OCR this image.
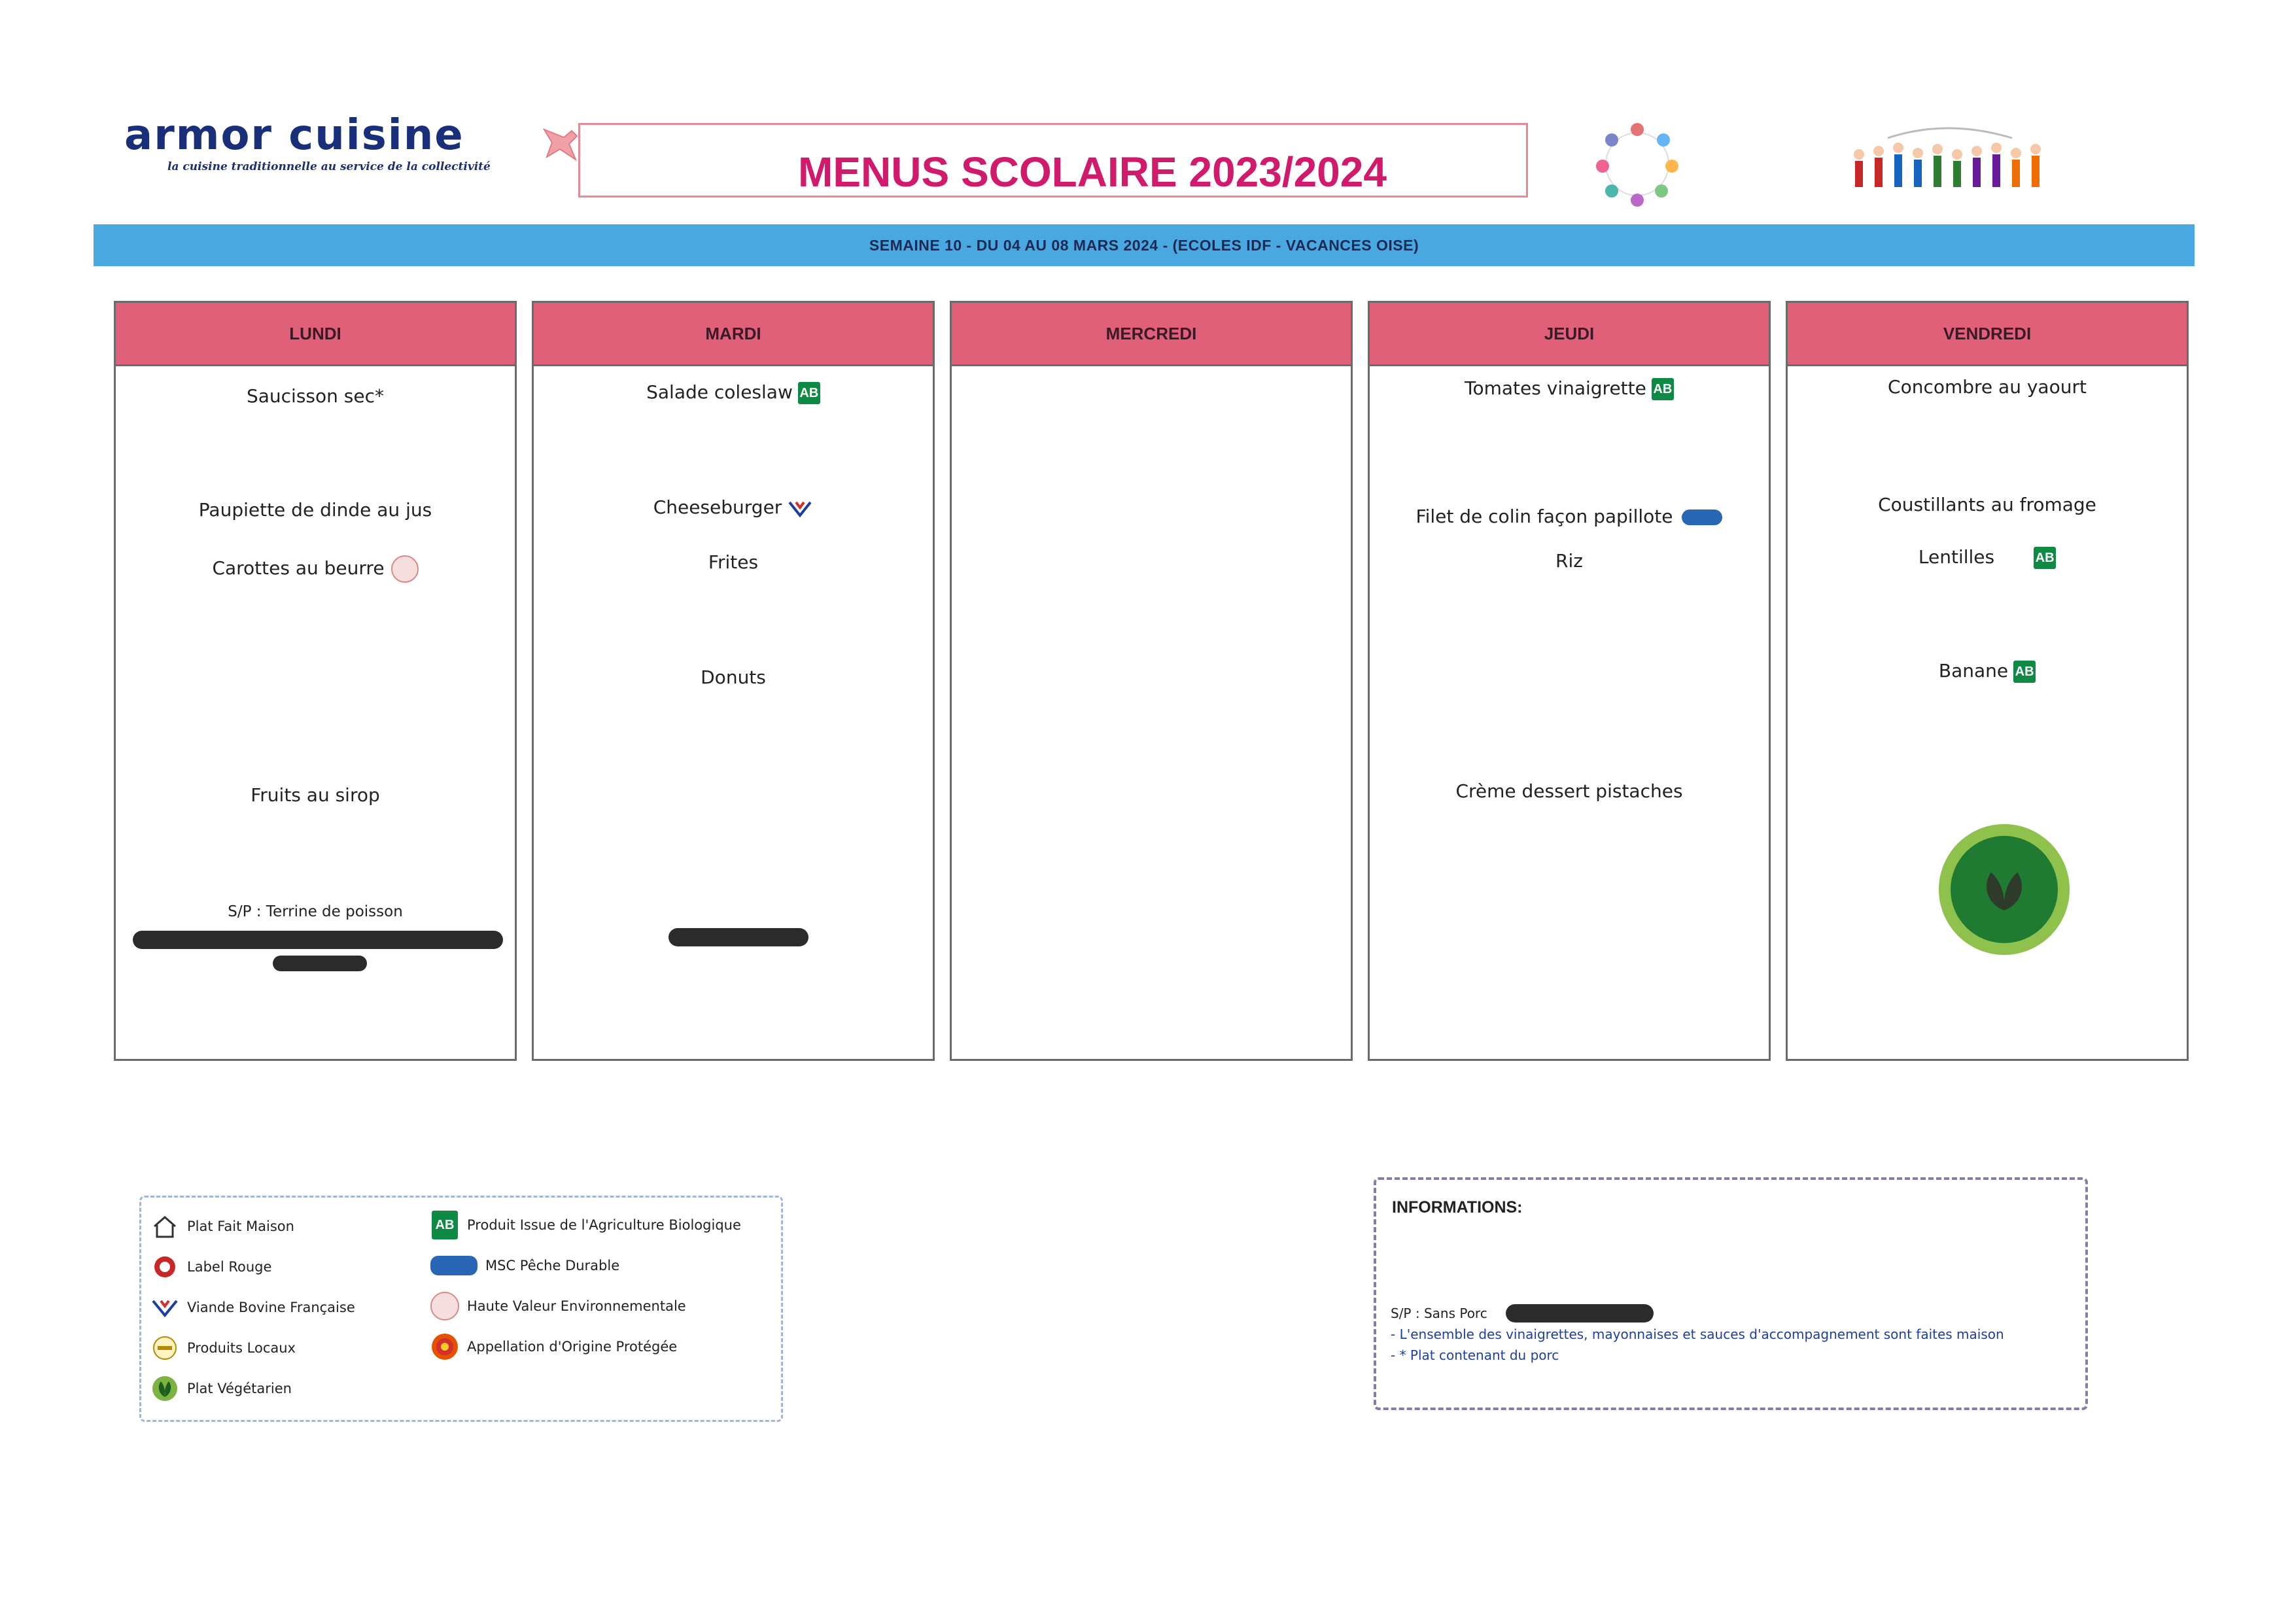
armor cuisine
la cuisine traditionnelle au service de la collectivité	MENUS SCOLAIRE 2023/2024
SEMAINE 10 - DU 04 AU 08 MARS 2024 - (ECOLES IDF - VACANCES OISE)
LUNDI
Saucisson sec*
Paupiette de dinde au jus
Carottes au beurre
Fruits au sirop
S/P : Terrine de poisson
MARDI
Salade coleslaw AB
Cheeseburger
Frites
Donuts
MERCREDI	JEUDI
Tomates vinaigrette AB
Filet de colin façon papillote
Riz
Crème dessert pistaches
VENDREDI
Concombre au yaourt
Coustillants au fromage
Lentilles	AB
Banane AB
Plat Fait Maison
Label Rouge
Viande Bovine Française
Produits Locaux
Plat Végétarien
AB Produit Issue de l'Agriculture Biologique
MSC Pêche Durable
Haute Valeur Environnementale
Appellation d'Origine Protégée
INFORMATIONS:
S/P : Sans Porc
- L'ensemble des vinaigrettes, mayonnaises et sauces d'accompagnement sont faites maison
- * Plat contenant du porc
